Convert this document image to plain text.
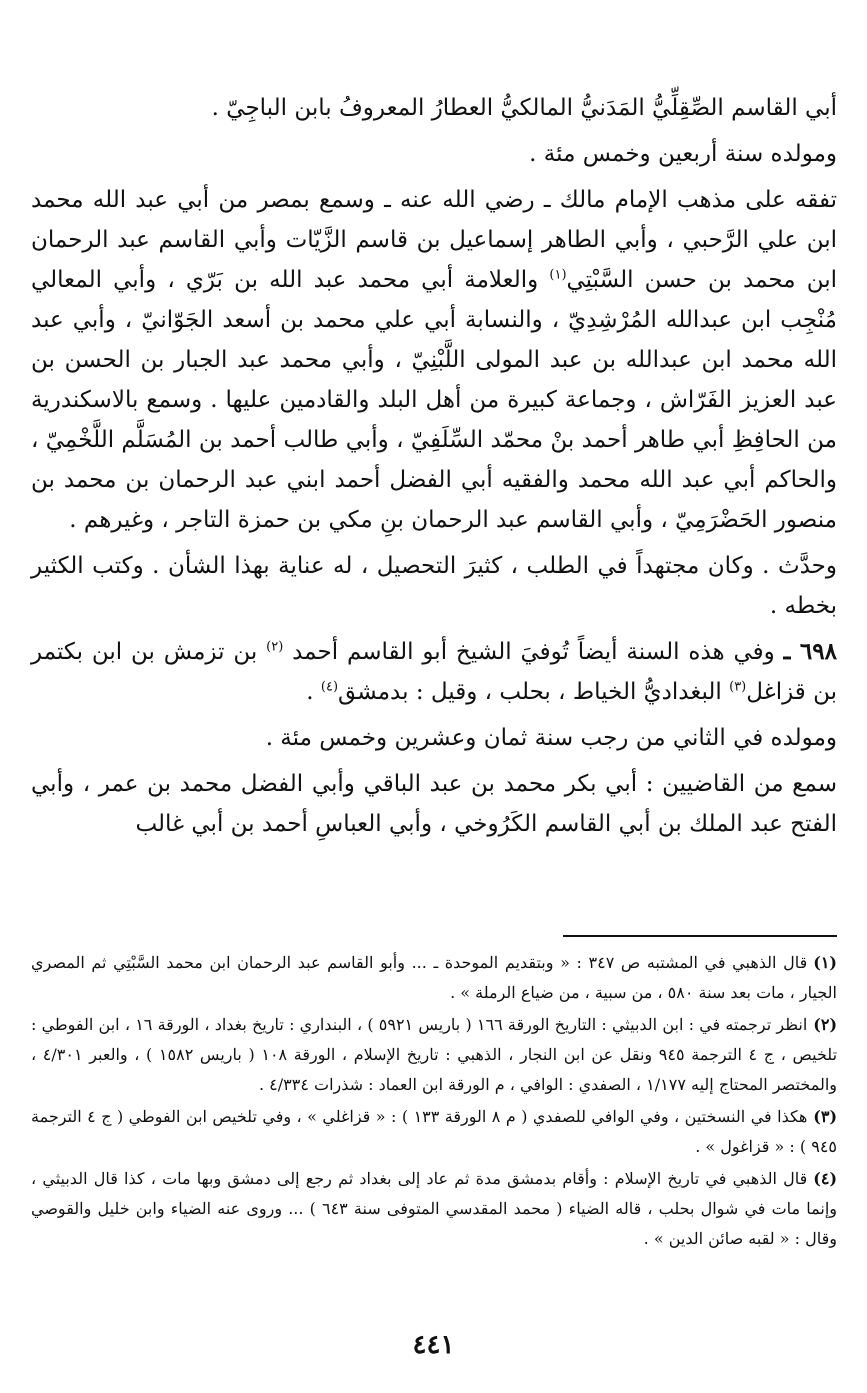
أبي القاسم الصِّقِلِّيُّ المَدَنيُّ المالكيُّ العطارُ المعروفُ بابن الباجِيّ .

ومولده سنة أربعين وخمس مئة .

تفقه على مذهب الإمام مالك ـ رضي الله عنه ـ وسمع بمصر من أبي عبد الله محمد ابن علي الرَّحبي ، وأبي الطاهر إسماعيل بن قاسم الزَّيّات وأبي القاسم عبد الرحمان ابن محمد بن حسن السَّبْتِي$^{(١)}$ والعلامة أبي محمد عبد الله بن بَرّي ، وأبي المعالي مُنْجِب ابن عبدالله المُرْشِدِيّ ، والنسابة أبي علي محمد بن أسعد الجَوّانيّ ، وأبي عبد الله محمد ابن عبدالله بن عبد المولى اللَّبْنِيّ ، وأبي محمد عبد الجبار بن الحسن بن عبد العزيز الفَرّاش ، وجماعة كبيرة من أهل البلد والقادمين عليها . وسمع بالاسكندرية من الحافِظِ أبي طاهر أحمد بنْ محمّد السِّلَفِيّ ، وأبي طالب أحمد بن المُسَلَّم اللَّخْمِيّ ، والحاكم أبي عبد الله محمد والفقيه أبي الفضل أحمد ابني عبد الرحمان بن محمد بن منصور الحَضْرَمِيّ ، وأبي القاسم عبد الرحمان بنِ مكي بن حمزة التاجر ، وغيرهم .

وحدَّث . وكان مجتهداً في الطلب ، كثيرَ التحصيل ، له عناية بهذا الشأن . وكتب الكثير بخطه .

٦٩٨ ـ وفي هذه السنة أيضاً تُوفيَ الشيخ أبو القاسم أحمد $^{(٢)}$ بن تزمش بن ابن بكتمر بن قزاغل$^{(٣)}$ البغداديُّ الخياط ، بحلب ، وقيل : بدمشق$^{(٤)}$ .

ومولده في الثاني من رجب سنة ثمان وعشرين وخمس مئة .

سمع من القاضيين : أبي بكر محمد بن عبد الباقي وأبي الفضل محمد بن عمر ، وأبي الفتح عبد الملك بن أبي القاسم الكَرُوخي ، وأبي العباسِ أحمد بن أبي غالب

(١)قال الذهبي في المشتبه ص ٣٤٧ : « وبتقديم الموحدة ـ ... وأبو القاسم عبد الرحمان ابن محمد السَّبْتِي ثم المصري الجيار ، مات بعد سنة ٥٨٠ ، من سبية ، من ضياع الرملة » .

(٢)انظر ترجمته في : ابن الدبيثي : التاريخ الورقة ١٦٦ ( باريس ٥٩٢١ ) ، البنداري : تاريخ بغداد ، الورقة ١٦ ، ابن الفوطي : تلخيص ، ج ٤ الترجمة ٩٤٥ ونقل عن ابن النجار ، الذهبي : تاريخ الإسلام ، الورقة ١٠٨ ( باريس ١٥٨٢ ) ، والعبر ٤/٣٠١ ، والمختصر المحتاج إليه ١/١٧٧ ، الصفدي : الوافي ، م الورقة ابن العماد : شذرات ٤/٣٣٤ .

(٣)هكذا في النسختين ، وفي الوافي للصفدي ( م ٨ الورقة ١٣٣ ) : « قزاغلي » ، وفي تلخيص ابن الفوطي ( ج ٤ الترجمة ٩٤٥ ) : « قزاغول » .

(٤)قال الذهبي في تاريخ الإسلام : وأقام بدمشق مدة ثم عاد إلى بغداد ثم رجع إلى دمشق وبها مات ، كذا قال الدبيثي ، وإنما مات في شوال بحلب ، قاله الضياء ( محمد المقدسي المتوفى سنة ٦٤٣ ) ... وروى عنه الضياء وابن خليل والقوصي وقال : « لقبه صائن الدين » .

٤٤١
